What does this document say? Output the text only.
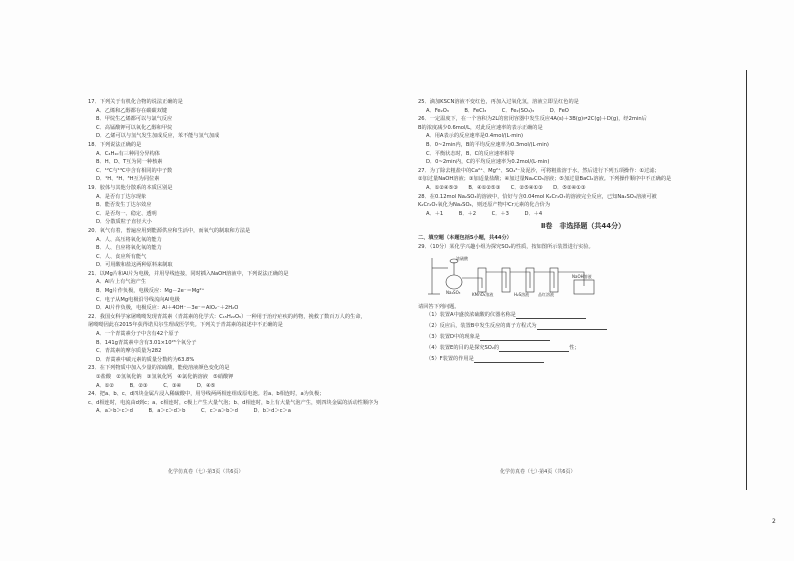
17．下列关于有机化合物的说法正确的是
A．乙烯和乙醇都存在碳碳双键
B．甲烷生乙烯都可以与氯气反应
C．高锰酸钾可以氧化乙醇和甲烷
D．乙烯可以与氢气发生加成反应，苯不能与氢气加成
18．下列说法正确的是
A．C₄H₁₀有三种同分异构体
B．H、D、T互为同一种核素
C．¹²C与¹³C中含有相同的中子数
D．¹H、²H、³H互为同位素
19．胶体与其他分散系的本质区别是
A．是否有丁达尔现象
B．能否发生丁达尔效应
C．是否均一、稳定、透明
D．分散质粒子直径大小
20．氧气有着，普遍应用到能源供应和生活中，而氧气的制取和方法是
A．人、高压将氧化氧的能力
B．人、自应将氧化氧的能力
C．人、食应所有能气
D．可用酸和盐这两种原料来制取
21．以Mg片和Al片为电极，并用导线连接，同时插入NaOH溶液中，下列说法正确的是
A．Al片上有气泡产生
B．Mg片作负极，电极反应：Mg－2e⁻＝Mg²⁺
C．电子从Mg电极沿导线流向Al电极
D．Al片作负极，电极反应：Al＋4OH⁻－3e⁻＝AlO₂⁻＋2H₂O
22．我国女科学家屠呦呦发现青蒿素（青蒿素的化学式：C₁₅H₂₂O₅）一种用于治疗疟疾的药物，挽救了数百万人的生命，
屠呦呦因此在2015年获得诺贝尔生理或医学奖。下列关于青蒿素的叙述中不正确的是
A．一个青蒿素分子中含有42个原子
B．141g青蒿素中含有3.01×10²³个氧分子
C．青蒿素的摩尔质量为282
D．青蒿素中碳元素的质量分数约为63.8%
23．在下列物质中加入少量的浓硫酸，能使溶液颜色变化的是
①盐酸　②氢氧化钠　③氢氧化钙　④氯化钠溶液　⑤硝酸钾
A．①②　　　B．②③　　　C．③④　　　D．④⑤
24．把a、b、c、d四块金属片浸入稀硫酸中，用导线两两相连组成原电池。若a、b相连时，a为负极；
c、d相连时，电流由d到c；a、c相连时，c极上产生大量气泡；b、d相连时，b上有大量气泡产生，则四块金属的活动性顺序为
A．a＞b＞c＞d　　　B．a＞c＞d＞b　　　C．c＞a＞b＞d　　　D．b＞d＞c＞a
25．滴加KSCN溶液不变红色，再加入过氧化氢，溶液立即呈红色的是
A．Fe₂O₃　　　B．FeCl₃　　　C．Fe₂(SO₄)₃　　　D．FeO
26．一定温度下，在一个容积为2L的密闭容器中发生反应4A(s)＋3B(g)⇌2C(g)＋D(g)，经2min后
B的浓度减少0.6mol/L，对此反应速率的表示正确的是
A．用A表示的反应速率是0.4mol/(L·min)
B．0~2min内，B的平均反应速率为0.3mol/(L·min)
C．平衡状态时，B、C的反应速率相等
D．0~2min内，C的平均反应速率为0.2mol/(L·min)
27．为了除去粗盐中的Ca²⁺、Mg²⁺、SO₄²⁻及泥沙，可将粗盐溶于水，然后进行下列五项操作：①过滤；
②加过量NaOH溶液；③加适量盐酸；④加过量Na₂CO₃溶液；⑤加过量BaCl₂溶液。下列操作顺序中不正确的是
A．①②④⑤③　　B．④①②⑤③　　C．②⑤④①③　　D．⑤②④①③
28．在0.12mol Na₂SO₃的溶液中，恰好与含0.04mol K₂Cr₂O₇的溶液完全反应，已知Na₂SO₃溶液可被
K₂Cr₂O₇氧化为Na₂SO₄，则还原产物中Cr元素的化合价为
A．＋1　　　B．＋2　　　C．＋3　　　D．＋4
Ⅱ卷　非选择题（共44分）
二、填空题（本题包括5小题，共44分）
29．（10分）某化学兴趣小组为探究SO₂的性质，按如图所示装置进行实验。
浓硫酸
Na₂SO₃	KMnO₄溶液	H₂S溶液 品红溶液
NaOH溶液
请回答下列问题。
（1）装置A中盛放浓硫酸的仪器名称是
（2）反应后，装置B中发生反应的离子方程式为
（3）装置D中的现象是
（4）装置E的目的是探究SO₂的	性；
（5）F装置的作用是
化学仿真卷（七）·第3页（共6页）	化学仿真卷（七）·第4页（共6页）
2
